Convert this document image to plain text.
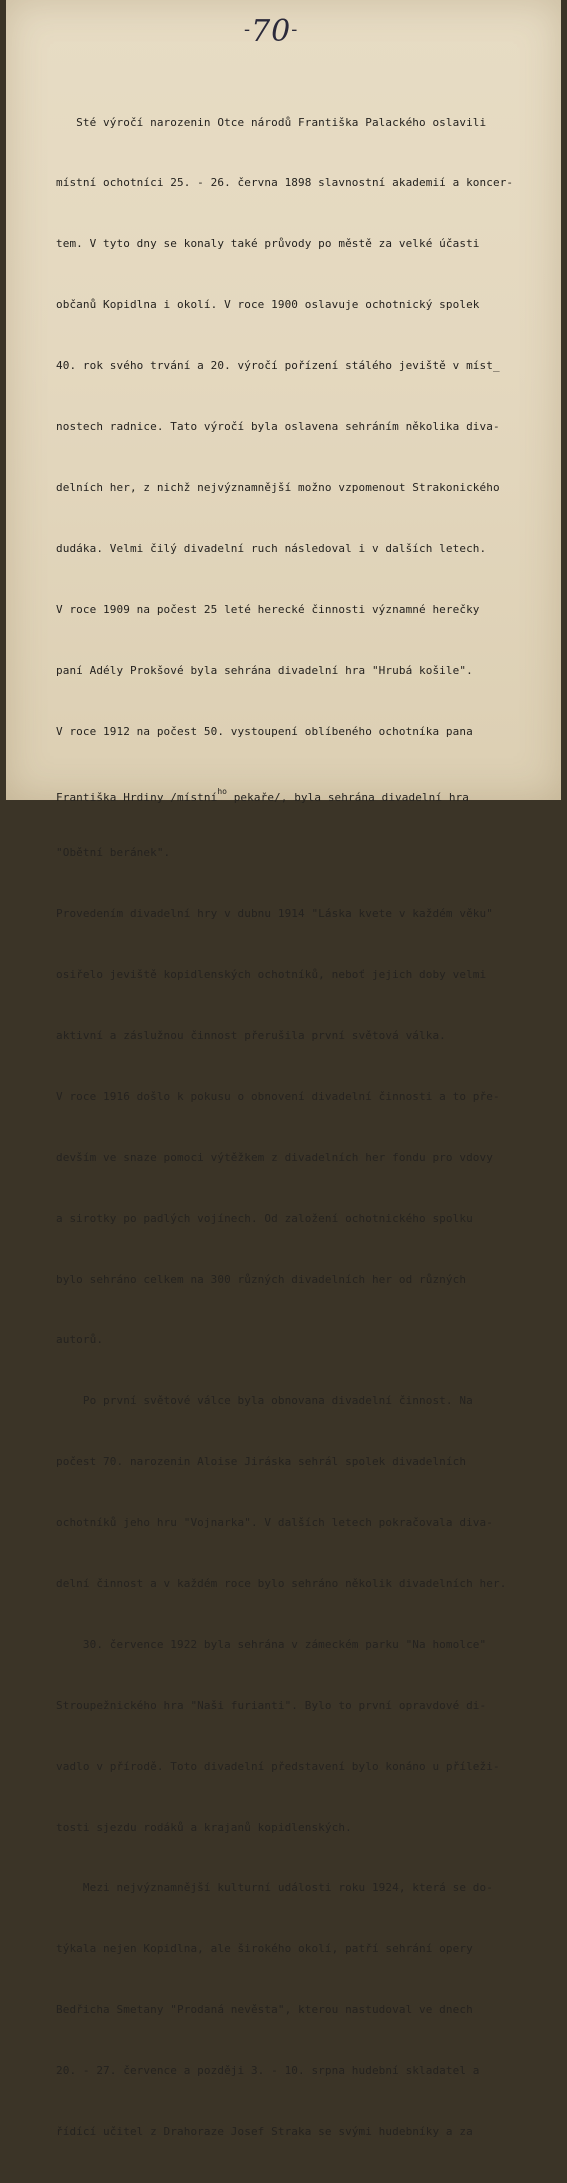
-70-

Sté výročí narozenin Otce národů Františka Palackého oslavili

místní ochotníci 25. - 26. června 1898 slavnostní akademií a koncer-

tem. V tyto dny se konaly také průvody po městě za velké účasti

občanů Kopidlna i okolí. V roce 1900 oslavuje ochotnický spolek

40. rok svého trvání a 20. výročí pořízení stálého jeviště v míst_

nostech radnice. Tato výročí byla oslavena sehráním několika diva-

delních her, z nichž nejvýznamnější možno vzpomenout Strakonického

dudáka. Velmi čilý divadelní ruch následoval i v dalších letech.

V roce 1909 na počest 25 leté herecké činnosti významné herečky

paní Adély Prokšové byla sehrána divadelní hra "Hrubá košile".

V roce 1912 na počest 50. vystoupení oblíbeného ochotníka pana

Františka Hrdiny /místní$^{ho}$ pekaře/, byla sehrána divadelní hra

"Obětní beránek".

Provedením divadelní hry v dubnu 1914 "Láska kvete v každém věku"

osiřelo jeviště kopidlenských ochotníků, neboť jejich doby velmi

aktivní a záslužnou činnost přerušila první světová válka.

V roce 1916 došlo k pokusu o obnovení divadelní činnosti a to pře-

devším ve snaze pomoci výtěžkem z divadelních her fondu pro vdovy

a sirotky po padlých vojínech. Od založení ochotnického spolku

bylo sehráno celkem na 300 různých divadelních her od různých

autorů.

Po první světové válce byla obnovana divadelní činnost. Na

počest 70. narozenin Aloise Jiráska sehrál spolek divadelních

ochotníků jeho hru "Vojnarka". V dalších letech pokračovala diva-

delní činnost a v každém roce bylo sehráno několik divadelních her.

30. července 1922 byla sehrána v zámeckém parku "Na homolce"

Stroupežnického hra "Naši furianti". Bylo to první opravdové di-

vadlo v přírodě. Toto divadelní představení bylo konáno u příleži-

tosti sjezdu rodáků a krajanů kopidlenských.

Mezi nejvýznamnější kulturní události roku 1924, která se do-

týkala nejen Kopidlna, ale širokého okolí, patří sehrání opery

Bedřicha Smetany "Prodaná nevěsta", kterou nastudoval ve dnech

20. - 27. července a později 3. - 10. srpna hudební skladatel a

řídící učitel z Drahoraze Josef Straka se svými hudebníky a za
